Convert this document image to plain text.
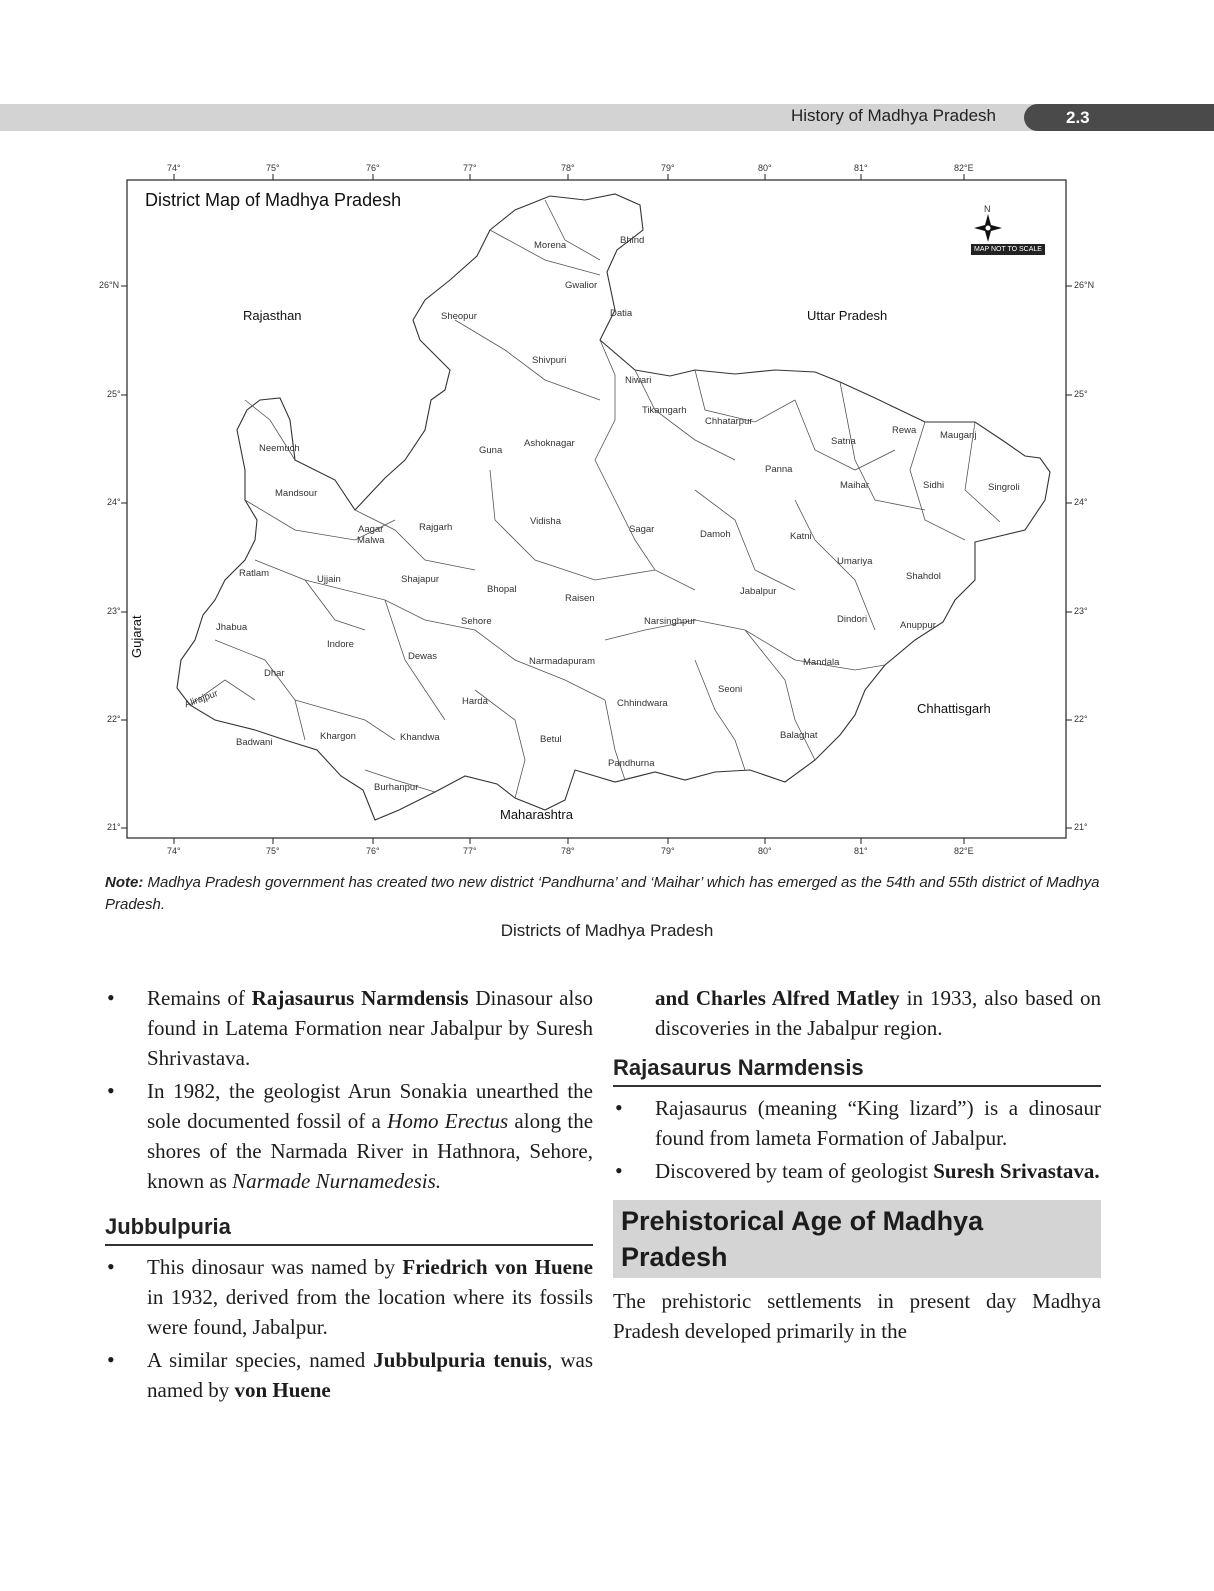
History of Madhya Pradesh	2.3
District Map of Madhya Pradesh	N
MAP NOT TO SCALE
74°	75°	76°	77°	78°	79°	80°	81°	82°E
74°	75°	76°	77°	78°	79°	80°	81°	82°E
26°N
25°
24°
23°
22°
21°
26°N
25°
24°
23°
22°
21°
Rajasthan	Uttar Pradesh
Chhattisgarh
Maharashtra
Gujarat
Morena	Bhind
Gwalior
Sheopur	Datia
Shivpuri
Niwari
Tikamgarh
Chhatarpur
Rewa Mauganj
Satna
Panna
Guna
Ashoknagar
Neemuch
Mandsour
Maihar	Sidhi	Singroli
Vidisha
Aagar
Malwa
Rajgarh	Sagar	Damoh	Katni
Umariya
Shahdol
Ratlam
Ujjain	Shajapur
Bhopal
Raisen
Jabalpur
Jhabua
Sehore	Narsinghpur	Dindori
Anuppur
Indore
Dewas	Narmadapuram	Mandala
Dhar
Alirajpur	Seoni
Harda	Chhindwara
Badwani
Khargon	Khandwa	Betul	Balaghat
Pandhurna
Burhanpur
Note: Madhya Pradesh government has created two new district ‘Pandhurna’ and ‘Maihar’ which has emerged as the 54th and 55th district of Madhya Pradesh.
Districts of Madhya Pradesh
• Remains of Rajasaurus Narmdensis Dinasour also found in Latema Formation near Jabalpur by Suresh Shrivastava.
• In 1982, the geologist Arun Sonakia unearthed the sole documented fossil of a Homo Erectus along the shores of the Narmada River in Hathnora, Sehore, known as Narmade Nurnamedesis.
Jubbulpuria
• This dinosaur was named by Friedrich von Huene in 1932, derived from the location where its fossils were found, Jabalpur.
• A similar species, named Jubbulpuria tenuis, was named by von Huene
and Charles Alfred Matley in 1933, also based on discoveries in the Jabalpur region.
Rajasaurus Narmdensis
• Rajasaurus (meaning “King lizard”) is a dinosaur found from lameta Formation of Jabalpur.
• Discovered by team of geologist Suresh Srivastava.
Prehistorical Age of Madhya Pradesh
The prehistoric settlements in present day Madhya Pradesh developed primarily in the
